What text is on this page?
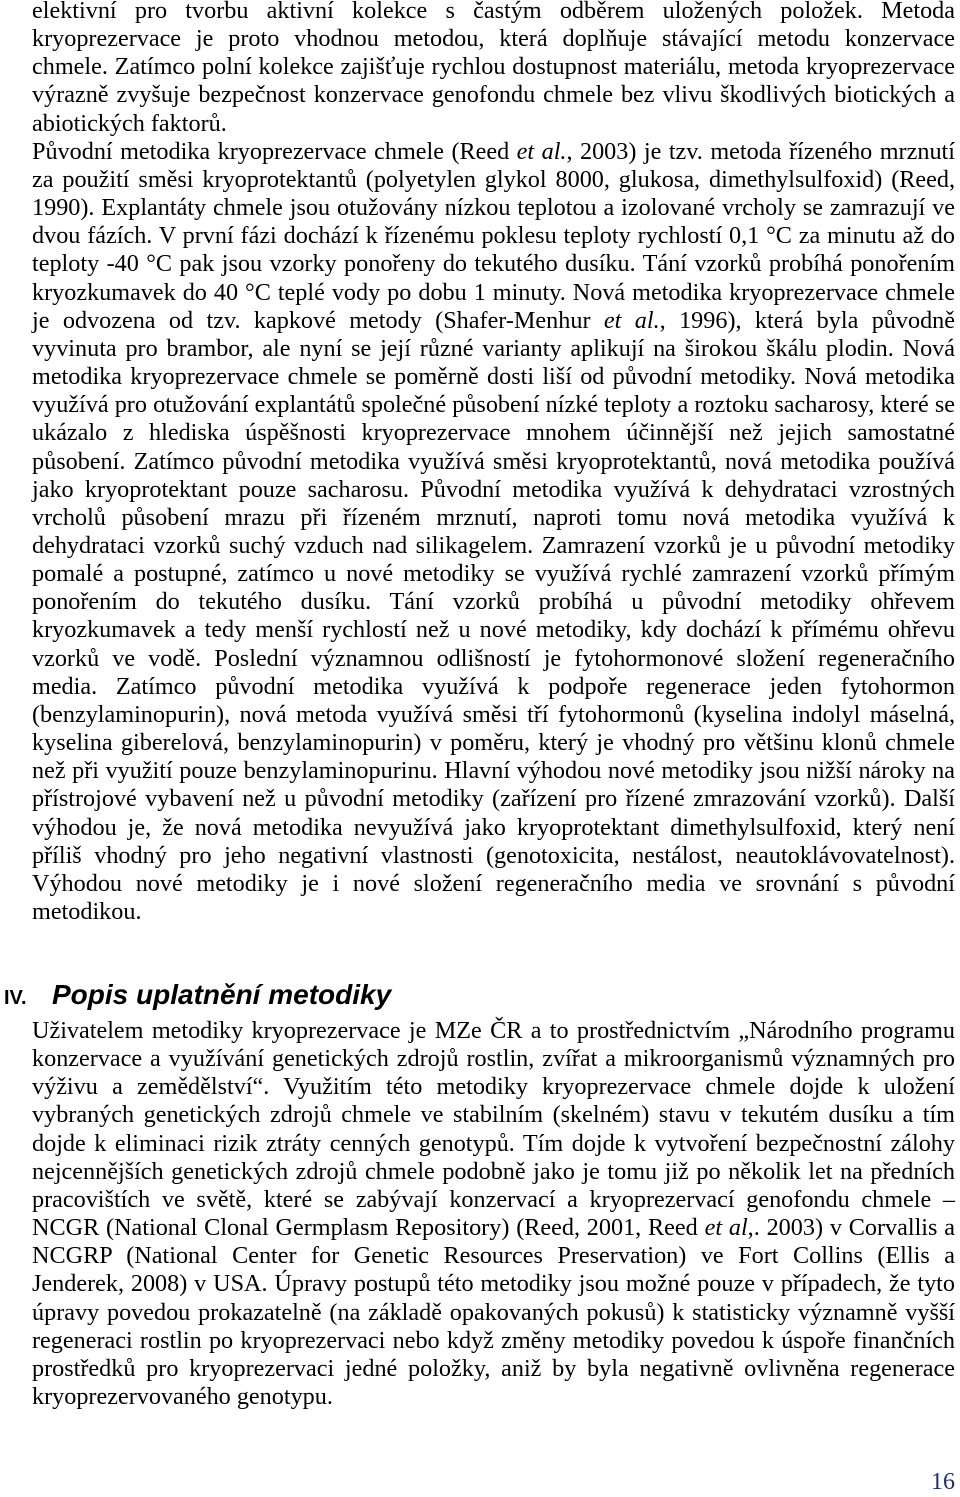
elektivní pro tvorbu aktivní kolekce s častým odběrem uložených položek. Metoda kryoprezervace je proto vhodnou metodou, která doplňuje stávající metodu konzervace chmele. Zatímco polní kolekce zajišťuje rychlou dostupnost materiálu, metoda kryoprezervace výrazně zvyšuje bezpečnost konzervace genofondu chmele bez vlivu škodlivých biotických a abiotických faktorů.

Původní metodika kryoprezervace chmele (Reed et al., 2003) je tzv. metoda řízeného mrznutí za použití směsi kryoprotektantů (polyetylen glykol 8000, glukosa, dimethylsulfoxid) (Reed, 1990). Explantáty chmele jsou otužovány nízkou teplotou a izolované vrcholy se zamrazují ve dvou fázích. V první fázi dochází k řízenému poklesu teploty rychlostí 0,1 °C za minutu až do teploty -40 °C pak jsou vzorky ponořeny do tekutého dusíku. Tání vzorků probíhá ponořením kryozkumavek do 40 °C teplé vody po dobu 1 minuty. Nová metodika kryoprezervace chmele je odvozena od tzv. kapkové metody (Shafer-Menhur et al., 1996), která byla původně vyvinuta pro brambor, ale nyní se její různé varianty aplikují na širokou škálu plodin. Nová metodika kryoprezervace chmele se poměrně dosti liší od původní metodiky. Nová metodika využívá pro otužování explantátů společné působení nízké teploty a roztoku sacharosy, které se ukázalo z hlediska úspěšnosti kryoprezervace mnohem účinnější než jejich samostatné působení. Zatímco původní metodika využívá směsi kryoprotektantů, nová metodika používá jako kryoprotektant pouze sacharosu. Původní metodika využívá k dehydrataci vzrostných vrcholů působení mrazu při řízeném mrznutí, naproti tomu nová metodika využívá k dehydrataci vzorků suchý vzduch nad silikagelem. Zamrazení vzorků je u původní metodiky pomalé a postupné, zatímco u nové metodiky se využívá rychlé zamrazení vzorků přímým ponořením do tekutého dusíku. Tání vzorků probíhá u původní metodiky ohřevem kryozkumavek a tedy menší rychlostí než u nové metodiky, kdy dochází k přímému ohřevu vzorků ve vodě. Poslední významnou odlišností je fytohormonové složení regeneračního media. Zatímco původní metodika využívá k podpoře regenerace jeden fytohormon (benzylaminopurin), nová metoda využívá směsi tří fytohormonů (kyselina indolyl máselná, kyselina giberelová, benzylaminopurin) v poměru, který je vhodný pro většinu klonů chmele než při využití pouze benzylaminopurinu. Hlavní výhodou nové metodiky jsou nižší nároky na přístrojové vybavení než u původní metodiky (zařízení pro řízené zmrazování vzorků). Další výhodou je, že nová metodika nevyužívá jako kryoprotektant dimethylsulfoxid, který není příliš vhodný pro jeho negativní vlastnosti (genotoxicita, nestálost, neautoklávovatelnost). Výhodou nové metodiky je i nové složení regeneračního media ve srovnání s původní metodikou.

IV. Popis uplatnění metodiky

Uživatelem metodiky kryoprezervace je MZe ČR a to prostřednictvím „Národního programu konzervace a využívání genetických zdrojů rostlin, zvířat a mikroorganismů významných pro výživu a zemědělství“. Využitím této metodiky kryoprezervace chmele dojde k uložení vybraných genetických zdrojů chmele ve stabilním (skelném) stavu v tekutém dusíku a tím dojde k eliminaci rizik ztráty cenných genotypů. Tím dojde k vytvoření bezpečnostní zálohy nejcennějších genetických zdrojů chmele podobně jako je tomu již po několik let na předních pracovištích ve světě, které se zabývají konzervací a kryoprezervací genofondu chmele – NCGR (National Clonal Germplasm Repository) (Reed, 2001, Reed et al,. 2003) v Corvallis a NCGRP (National Center for Genetic Resources Preservation) ve Fort Collins (Ellis a Jenderek, 2008) v USA. Úpravy postupů této metodiky jsou možné pouze v případech, že tyto úpravy povedou prokazatelně (na základě opakovaných pokusů) k statisticky významně vyšší regeneraci rostlin po kryoprezervaci nebo když změny metodiky povedou k úspoře finančních prostředků pro kryoprezervaci jedné položky, aniž by byla negativně ovlivněna regenerace kryoprezervovaného genotypu.

16
